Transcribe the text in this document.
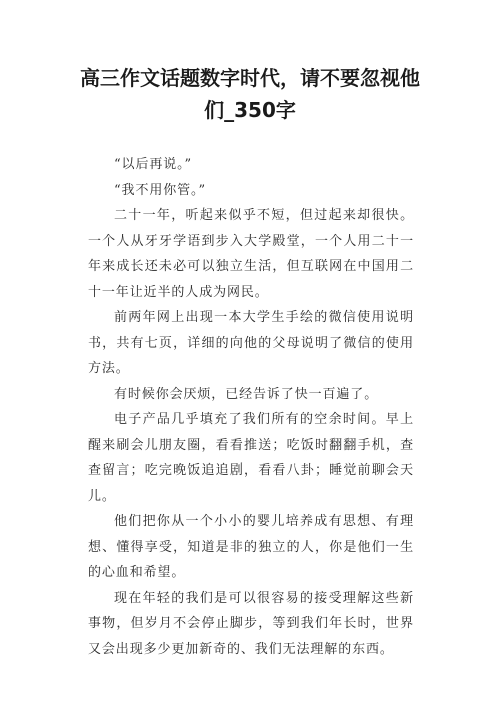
高三作文话题数字时代，请不要忽视他
们_350字

“以后再说。”

“我不用你管。”

二十一年，听起来似乎不短，但过起来却很快。一个人从牙牙学语到步入大学殿堂，一个人用二十一年来成长还未必可以独立生活，但互联网在中国用二十一年让近半的人成为网民。

前两年网上出现一本大学生手绘的微信使用说明书，共有七页，详细的向他的父母说明了微信的使用方法。

有时候你会厌烦，已经告诉了快一百遍了。

电子产品几乎填充了我们所有的空余时间。早上醒来刷会儿朋友圈，看看推送；吃饭时翻翻手机，查查留言；吃完晚饭追追剧，看看八卦；睡觉前聊会天儿。

他们把你从一个小小的婴儿培养成有思想、有理想、懂得享受，知道是非的独立的人，你是他们一生的心血和希望。

现在年轻的我们是可以很容易的接受理解这些新事物，但岁月不会停止脚步，等到我们年长时，世界又会出现多少更加新奇的、我们无法理解的东西。
